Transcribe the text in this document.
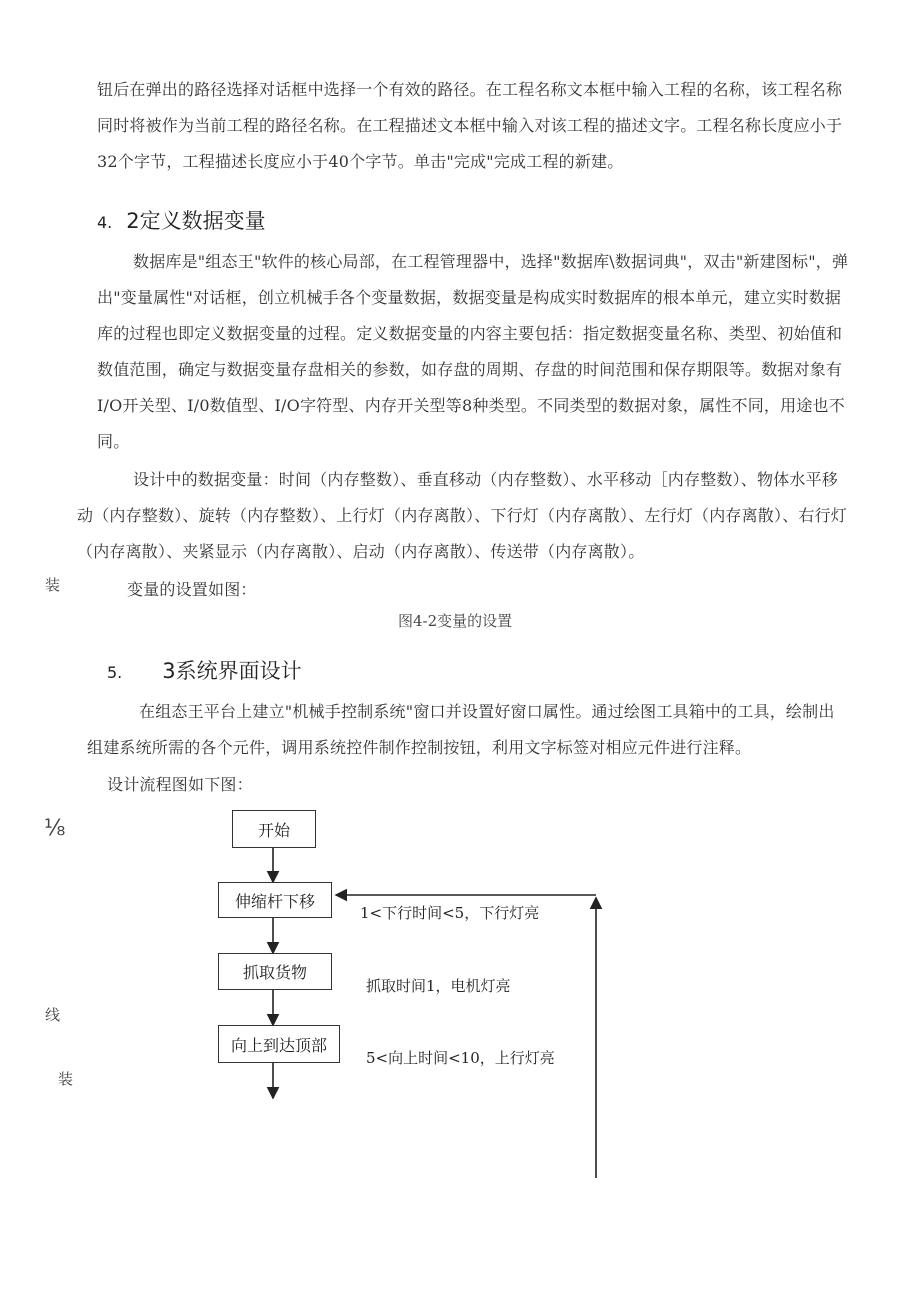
钮后在弹出的路径选择对话框中选择一个有效的路径。在工程名称文本框中输入工程的名称，该工程名称同时将被作为当前工程的路径名称。在工程描述文本框中输入对该工程的描述文字。工程名称长度应小于32个字节，工程描述长度应小于40个字节。单击"完成"完成工程的新建。
4. 2定义数据变量
数据库是"组态王"软件的核心局部，在工程管理器中，选择"数据库\数据词典"，双击"新建图标"，弹出"变量属性"对话框，创立机械手各个变量数据，数据变量是构成实时数据库的根本单元，建立实时数据库的过程也即定义数据变量的过程。定义数据变量的内容主要包括：指定数据变量名称、类型、初始值和数值范围，确定与数据变量存盘相关的参数，如存盘的周期、存盘的时间范围和保存期限等。数据对象有I/O开关型、I/0数值型、I/O字符型、内存开关型等8种类型。不同类型的数据对象，属性不同，用途也不同。
设计中的数据变量：时间（内存整数）、垂直移动（内存整数）、水平移动［内存整数）、物体水平移动（内存整数）、旋转（内存整数）、上行灯（内存离散）、下行灯（内存离散）、左行灯（内存离散）、右行灯（内存离散）、夹紧显示（内存离散）、启动（内存离散）、传送带（内存离散）。
变量的设置如图：
图4-2变量的设置
5. 3系统界面设计
在组态王平台上建立"机械手控制系统"窗口并设置好窗口属性。通过绘图工具箱中的工具，绘制出组建系统所需的各个元件，调用系统控件制作控制按钮，利用文字标签对相应元件进行注释。
设计流程图如下图：
装
⅛
线
装
开始
伸缩杆下移
抓取货物
向上到达顶部
1<下行时间<5，下行灯亮
抓取时间1，电机灯亮
5<向上时间<10，上行灯亮
